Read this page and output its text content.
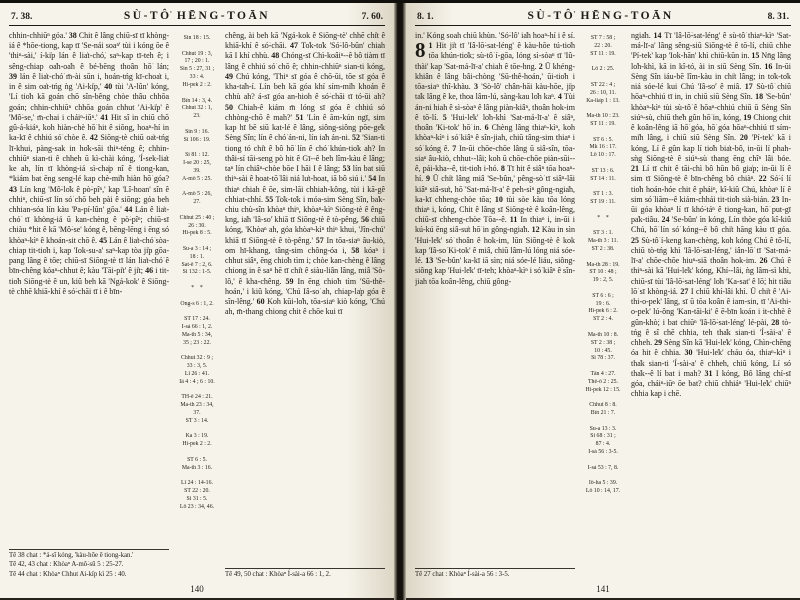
7. 38.	SÙ-TÔ͘ HĒNG-TOĀN	7. 60.
chhin-chhiūⁿ góa.' 38 Chit ê lâng chiū-sī tī khòng-iá ê *hōe-tiong, kap tī 'Se-nái soaⁿ' tùi i kóng ōe ê 'thiⁿ-sài,' í-ki̍p lán ê lia̍t-chó͘, saⁿ-kap tī-teh ê; i sêng-chiap oa̍h-oa̍h ê bé-bēng thoân hō͘ lán; 39 lán ê lia̍t-chó͘ m̄-ài sūn i, hoán-tńg kī-choa̍t i, in ê sim oa̍t-tńg ǹg 'Ai-ki̍p,' 40 tùi 'A-lûn' kóng, 'Lí tio̍h kā goán chō sîn-bêng chòe thâu chhōa goán; chhin-chhiūⁿ chhōa goán chhut 'Ai-ki̍p' ê 'Mô͘-se,' m̄-chai i cháiⁿ-iūⁿ.' 41 Hit sî in chiū chō gû-á-kiáⁿ, koh hiàn-chè hō͘ hit ê siōng, hoaⁿ-hí in ka-kī ê chhiú só͘ chòe ê. 42 Siōng-tè chiū oa̍t-tńg lī-khui, pàng-sak in ho̍k-sāi thiⁿ-téng ê; chhin-chhiūⁿ sian-ti ê chheh ū kì-chài kóng, 'Í-sek-lia̍t ke ah, lín tī khòng-iá sì-cha̍p nî ê tiong-kan, *kiám bat ēng seng-lé kap chè-mi̍h hiàn hō͘ góa? 43 Lín kng 'Mô͘-lo̍k ê pò͘-pîⁿ,' kap 'Lî-hoan' sîn ê chhiⁿ, chiū-sī lín só͘ chō beh pài ê siōng; góa beh chhian-sóa lín kàu 'Pa-pí-lûn' gōa.' 44 Lán ê lia̍t-chó͘ tī khòng-iá ū kan-chèng ê pò͘-pîⁿ; chiū-sī chiàu *hit ê kā 'Mô͘-se' kóng ê, bēng-lēng i ēng só͘ khòaⁿ-kìⁿ ê khoán-sit chō ê. 45 Lán ê lia̍t-chó͘ sòa-chiap tit-tio̍h i, kap 'Iok-su-a' saⁿ-kap tòa ji̍p gōa-pang lâng ê tōe; chiū-sī Siōng-tè tī lán lia̍t-chó͘ ê bīn-chêng kóaⁿ-chhut ê; kàu 'Tāi-pi̍t' ê ji̍t; 46 i tit-tio̍h Siōng-tè ê un, kiû beh kā 'Ngá-kok' ê Siōng-tè chhē khiā-khí ê só͘-chāi tī i ê bīn-
Tē 38 chat : *á-sī kóng, 'kàu-hōe ê tiong-kan.'
Tē 42, 43 chat : Khòaⁿ A-mô͘-sū 5 : 25-27.
Tē 44 chat : Khòaⁿ Chhut Ai-ki̍p kì 25 : 40.
Sin 18 : 15.

Chhut 19 : 3,
17 ; 20 : 1.
Sin 5 : 27, 31 ;
33 : 4.
Hi-pek 2 : 2.

Bîn 14 : 3, 4.
Chhut 32 : 1,
23.

Sin 9 : 16.
Si 106 : 19.

Si 81 : 12.
Í-se 20 : 25,
39.
A-mô͘ 5 : 25.

A-mô͘ 5 : 26,
27.

Chhut 25 : 40 ;
26 : 30.
Hi-pek 8 : 5.

Su-a 3 : 14 ;
18 : 1.
Sat-ē 7 : 2, 6.
Si 132 : 1-5.

*　*

Ông-s 6 : 1, 2.

ST 17 : 24.
Í-sà 66 : 1, 2.
Ma-th 5 : 34,
35 ; 23 : 22.

Chhut 32 : 9 ;
33 : 3, 5.
Lī 26 : 41.
Iâ 4 : 4 ; 6 : 10.

TH-ē 24 : 21.
Ma-th 23 : 34,
37.
ST 3 : 14.

Ka 3 : 19.
Hi-pek 2 : 2.

ST 6 : 5.
Ma-th 3 : 16.

Lī 24 : 14-16.
ST 22 : 20.
Si 31 : 5.
Lō͘ 23 : 34, 46.
chêng, ài beh kā 'Ngá-kok ê Siōng-tè' chhē chi̍t ê khiā-khí ê só͘-chāi. 47 To̍k-to̍k 'Só͘-lô-bûn' chiah kā I khí chhù. 48 Chóng-sī Chì-koâiⁿ--ê bô tiàm tī lâng ê chhiú só͘ chō ê; chhin-chhiūⁿ sian-ti kóng, 49 Chú kóng, 'Thiⁿ sī góa ê chō-ūi, tōe sī góa ê kha-ta̍h-í. Lín beh kā góa khí sím-mi̍h khoán ê chhù ah? á-sī góa an-hioh ê só͘-chāi tī tó-ūi ah? 50 Chiah-ê kiám m̄ lóng sī góa ê chhiú só͘ chhòng-chō ê mah?' 51 'Lín ê ām-kún ngī, sim kap hī bē siū kat-lé ê lâng, siông-siông pōe-ge̍k Sèng Sîn; lín ê chó͘ án-ni, lín ia̍h án-ni. 52 'Sian-ti tiong tó chi̍t ê bô hō͘ lín ê chó͘ khún-tio̍k ah? In thâi-sí tāi-seng pò hit ê Gī--ê beh lîm-kàu ê lâng; taⁿ lín chiâⁿ-chòe bōe I hāi I ê lâng; 53 lín bat siū thiⁿ-sài ê hoat-tō͘ lâi niá lu̍t-hoat, iā bô siú i.' 54 In thiaⁿ chiah ê ōe, sim-lāi chhiah-kông, tùi i kā-gê chhiat-chhí. 55 To̍k-to̍k i móa-sim Sèng Sîn, ba̍k-chiu chù-sîn khòaⁿ thiⁿ, khòaⁿ-kìⁿ Siōng-tè ê êng-kng, ia̍h 'Iâ-so͘' khiā tī Siōng-tè ê tò-pêng, 56 chiū kóng, 'Khòaⁿ ah, góa khòaⁿ-kìⁿ thiⁿ khui, 'Jîn-chú' khiā tī Siōng-tè ê tò-pêng.' 57 In tōa-siaⁿ âu-kiò, om hī-khang, tâng-sim chông-óa i, 58 kóaⁿ i chhut siâⁿ, ēng chio̍h tìm i; chòe kan-chèng ê lâng chiong in ê saⁿ hē tī chi̍t ê siàu-liân lâng, miâ 'Sò-lô,' ê kha-chêng. 59 In ēng chio̍h tìm 'Sū-thê-hoán,' i kiû kóng, 'Chú Iâ-so͘ ah, chiap-la̍p góa ê sîn-lêng.' 60 Koh kūi-lo̍h, tōa-siaⁿ kiò kóng, 'Chú ah, m̄-thang chiong chit ê chōe kui tī
Tē 49, 50 chat : Khòaⁿ Í-sài-a 66 : 1, 2.
140
8. 1.	SÙ-TÔ͘ HĒNG-TOĀN	8. 31.
in.' Kóng soah chiū khùn. 'Só͘-lô' ia̍h hoaⁿ-hí i ê sí.
8 1 Hit ji̍t tī 'Iâ-lō͘-sat-léng' ê kàu-hōe tú-tio̍h tōa khún-tio̍k; sù-tô͘ í-gōa, lóng sì-sòaⁿ tī 'Iû-thài' kap 'Sat-má-lī-a' chiah ê tōe-hng. 2 Ū khéng-khiân ê lâng bâi-chòng 'Sū-thê-hoán,' ūi-tio̍h i tōa-siaⁿ thî-khàu. 3 'Sò-lô' chân-hāi kàu-hōe, ji̍p ta̍k lâng ê ke, thoa lâm-lú, sàng-kau lo̍h kaⁿ. 4 Tùi án-ni hiah ê sì-sòaⁿ ê lâng piàn-kiâⁿ, thoân hok-im ê tō-lí. 5 'Hui-le̍k' lo̍h-khì 'Sat-má-lī-a' ê siâⁿ, thoân 'Ki-tok' hō͘ in. 6 Chèng lâng thiaⁿ-kìⁿ, koh khòaⁿ-kìⁿ i só͘ kiâⁿ ê sîn-jiah, chiū tâng-sim thiaⁿ i só͘ kóng ê. 7 In-ūi chōe-chōe lâng ū siâ-sîn, tōa-siaⁿ âu-kiò, chhut--lâi; koh ū chōe-chōe piàn-sūi--ê, pái-kha--ê, tit-tio̍h i-hó. 8 Tī hit ê siâⁿ tōa hoaⁿ-hí. 9 Ū chi̍t lâng miâ 'Se-bûn,' pêng-sò͘ tī siâⁿ-lāi kiâⁿ siâ-su̍t, hō͘ 'Sat-má-lī-a' ê peh-sìⁿ gông-ngia̍h, ka-kī chheng-chòe tōa; 10 tùi sòe kàu tōa lóng thiaⁿ i, kóng, Chit ê lâng sī Siōng-tè ê koân-lêng, chiū-sī chheng-chòe Tōa--ê. 11 In thiaⁿ i, in-ūi i kú-kú ēng siâ-su̍t hō͘ in gông-ngia̍h. 12 Kàu in sìn 'Hui-le̍k' só͘ thoân ê hok-im, lūn Siōng-tè ê kok kap 'Iâ-so͘ Ki-tok' ê miâ, chiū lâm-lú lóng niá sóe-lé. 13 'Se-bûn' ka-kī iā sìn; niá sóe-lé liáu, siông-siông kap 'Hui-le̍k' tī-teh; khòaⁿ-kìⁿ i só͘ kiâⁿ ê sîn-jiah tōa koân-lêng, chiū gông-
Tē 27 chat : Khòaⁿ Í-sài-a 56 : 3-5.
ST 7 : 58 ;
22 : 20.
ST 11 : 19.

Lō͘ 2 : 25.

ST 22 : 4 ;
26 : 10, 11.
Ka-lia̍p 1 : 13.

Ma-th 10 : 23.
ST 11 : 19.

ST 6 : 5.
Mk 16 : 17.
Lō͘ 10 : 17.

ST 13 : 6.
ST 14 : 11.

ST 1 : 3.
ST 19 : 11.

*　*

ST 3 : 1.
Ma-th 3 : 11.
ST 2 : 38.

Ma-th 28 : 19.
ST 10 : 48 ;
19 : 2, 5.

ST 6 : 6 ;
19 : 6.
Hi-pek 6 : 2.
ST 2 : 4.

Ma-th 10 : 8.
ST 2 : 38 ;
10 : 45.
Si 78 : 37.

Tān 4 : 27.
Thê-ō 2 : 25.
Hi-pek 12 : 15.

Chhut 8 : 8.
Bîn 21 : 7.

Su-a 13 : 3.
Si 68 : 31 ;
87 : 4.
Í-sà 56 : 3-5.

Í-sà 53 : 7, 8.

Iô-ha 5 : 39.
Lô 10 : 14, 17.
ngia̍h. 14 Tī 'Iâ-lō͘-sat-léng' ê sù-tô͘ thiaⁿ-kìⁿ 'Sat-má-lī-a' lâng sêng-siū Siōng-tè ê tō-lí, chiū chhe 'Pí-tek' kap 'Iok-hān' khì chiū-kūn in. 15 Nn̄g lâng lo̍h-khì, kā in kî-tó, ài in siū Sèng Sîn. 16 In-ūi Sèng Sîn iáu-bē lîm-kàu in chi̍t lâng; in to̍k-to̍k niá sóe-lé kui Chú 'Iâ-so͘' ê miâ. 17 Sù-tô͘ chiū hōaⁿ-chhiú tī in, in chiū siū Sèng Sîn. 18 'Se-bûn' khòaⁿ-kìⁿ tùi sù-tô͘ ê hōaⁿ-chhiú chiū ū Sèng Sîn siúⁿ-sù, chiū the̍h gûn hō͘ in, kóng, 19 Chiong chit ê koân-lêng iā hō͘ góa, hō͘ góa hōaⁿ-chhiú tī sím-mi̍h lâng, i chiū siū Sèng Sîn. 20 'Pí-tek' kā i kóng, Lí ê gûn kap lí tio̍h bia̍t-bô, in-ūi lí phah-sǹg Siōng-tè ê siúⁿ-sù thang ēng chîⁿ lâi bóe. 21 Lí tī chit ê tāi-chì bô hūn bô gia̍p; in-ūi lí ê sim tī Siōng-tè ê bīn-chêng bô chiàⁿ. 22 Só͘-í lí tio̍h hoán-hóe chit ê pháiⁿ, kî-kiû Chú, khòaⁿ lí ê sim só͘ liām--ê kiám-chhái tit-tio̍h sià-bián. 23 In-ūi góa khòaⁿ lí tī khó͘-táⁿ ê tiong-kan, hō͘ put-gī pa̍k-tiâu. 24 'Se-bûn' ìn kóng, Lín thòe góa kî-kiû Chú, hō͘ lín só͘ kóng--ê bô chi̍t hāng kàu tī góa. 25 Sù-tô͘ í-keng kan-chèng, koh kóng Chú ê tō-lí, chiū tò-tńg khì 'Iâ-lō͘-sat-léng,' iân-lō͘ tī 'Sat-má-lī-a' chōe-chōe hiuⁿ-siā thoân hok-im. 26 Chú ê thiⁿ-sài kā 'Hui-le̍k' kóng, Khí--lâi, ǹg lâm-sì khì, chiū-sī tùi 'Iâ-lō͘-sat-léng' lo̍h 'Ka-sat' ê lō͘; hit tiâu lō͘ sī khòng-iá. 27 I chiū khí-lâi khì. Ū chi̍t ê 'Ai-thi-o-pek' lâng, sī ū tōa koân ê iam-sin, tī 'Ai-thi-o-pek' lú-ông 'Kan-tāi-ki' ê ē-bīn koán i it-chhè ê gûn-khò͘; i bat chiūⁿ 'Iâ-lō͘-sat-léng' lé-pài, 28 tò-tńg ê sî chē chhia, teh tha̍k sian-ti 'Í-sài-a' ê chheh. 29 Sèng Sîn kā 'Hui-le̍k' kóng, Chìn-chêng óa hit ê chhia. 30 'Hui-le̍k' cháu óa, thiaⁿ-kìⁿ i tha̍k sian-ti 'Í-sài-a' ê chheh, chiū kóng, Lí só͘ tha̍k--ê lí bat i mah? 31 I kóng, Bô lâng chí-sī góa, cháiⁿ-iūⁿ ōe bat? chiū chhiáⁿ 'Hui-le̍k' chiūⁿ chhia kap i chē.
141
